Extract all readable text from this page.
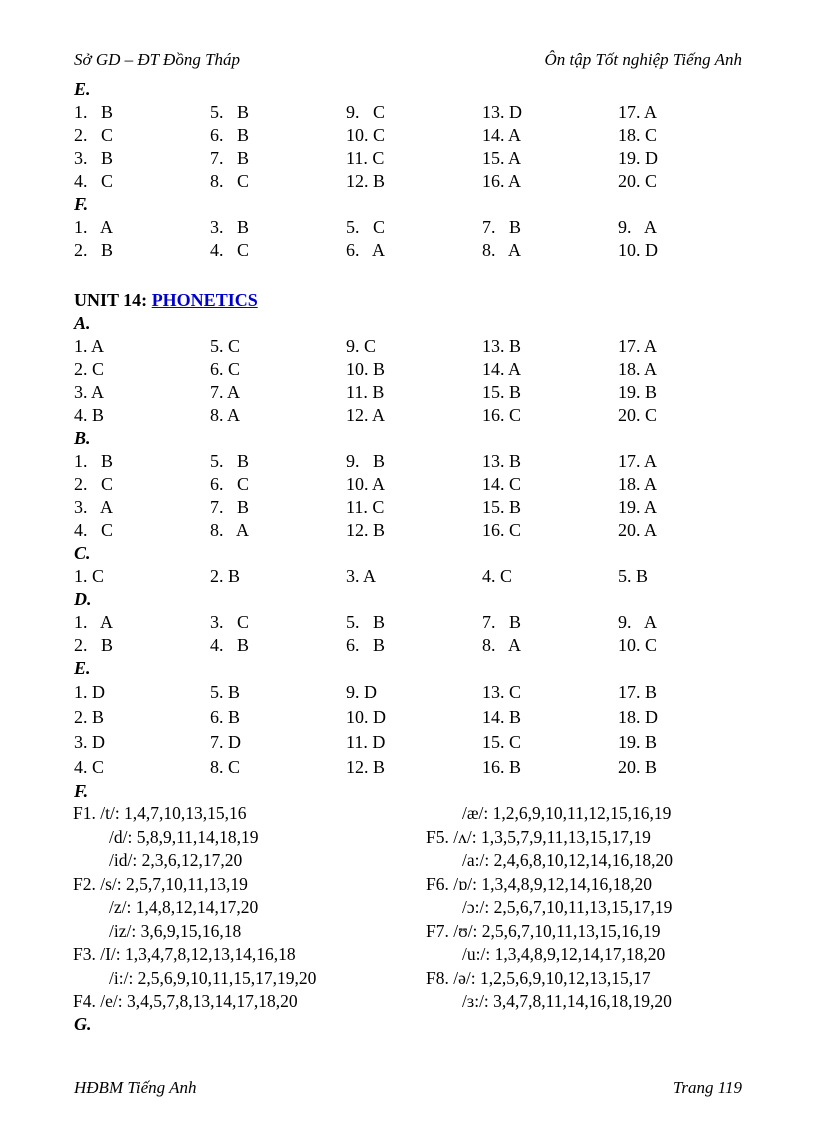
Sở GD – ĐT Đồng Tháp	Ôn tập Tốt nghiệp Tiếng Anh
E.
1.   B	5.   B	9.   C	13. D	17. A
2.   C	6.   B	10. C	14. A	18. C
3.   B	7.   B	11. C	15. A	19. D
4.   C	8.   C	12. B	16. A	20. C
F.
1.   A	3.   B	5.   C	7.   B	9.   A
2.   B	4.   C	6.   A	8.   A	10. D
UNIT 14: PHONETICS
A.
1. A	5. C	9. C	13. B	17. A
2. C	6. C	10. B	14. A	18. A
3. A	7. A	11. B	15. B	19. B
4. B	8. A	12. A	16. C	20. C
B.
1.   B	5.   B	9.   B	13. B	17. A
2.   C	6.   C	10. A	14. C	18. A
3.   A	7.   B	11. C	15. B	19. A
4.   C	8.   A	12. B	16. C	20. A
C.
1. C	2. B	3. A	4. C	5. B
D.
1.   A	3.   C	5.   B	7.   B	9.   A
2.   B	4.   B	6.   B	8.   A	10. C
E.
1. D	5. B	9. D	13. C	17. B
2. B	6. B	10. D	14. B	18. D
3. D	7. D	11. D	15. C	19. B
4. C	8. C	12. B	16. B	20. B
F.
F1. /t/: 1,4,7,10,13,15,16
/d/: 5,8,9,11,14,18,19
/id/: 2,3,6,12,17,20
F2. /s/: 2,5,7,10,11,13,19
/z/: 1,4,8,12,14,17,20
/iz/: 3,6,9,15,16,18
F3. /I/: 1,3,4,7,8,12,13,14,16,18
/i:/: 2,5,6,9,10,11,15,17,19,20
F4. /e/: 3,4,5,7,8,13,14,17,18,20
/æ/: 1,2,6,9,10,11,12,15,16,19
F5. /ʌ/: 1,3,5,7,9,11,13,15,17,19
/a:/: 2,4,6,8,10,12,14,16,18,20
F6. /ɒ/: 1,3,4,8,9,12,14,16,18,20
/ɔ:/: 2,5,6,7,10,11,13,15,17,19
F7. /ʊ/: 2,5,6,7,10,11,13,15,16,19
/u:/: 1,3,4,8,9,12,14,17,18,20
F8. /ə/: 1,2,5,6,9,10,12,13,15,17
/ɜ:/: 3,4,7,8,11,14,16,18,19,20
G.
HĐBM Tiếng Anh	Trang 119
